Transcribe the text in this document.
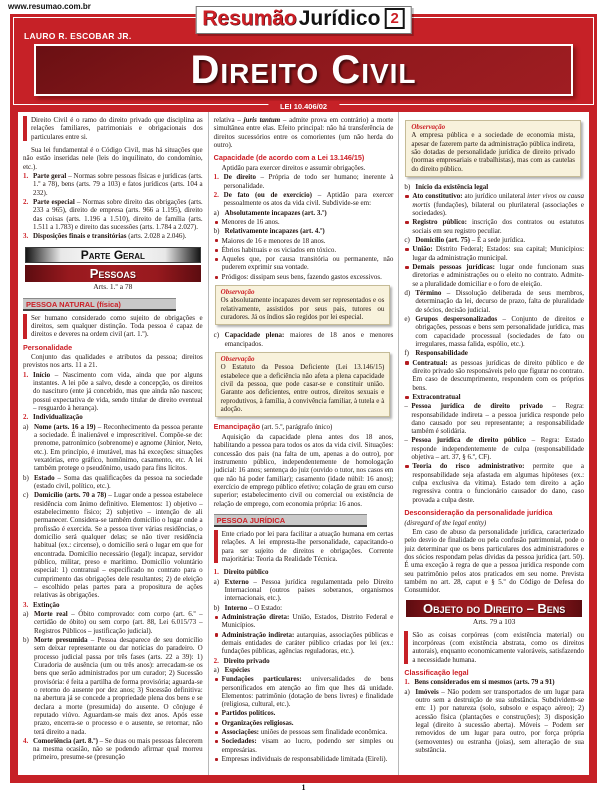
www.resumao.com.br
ResumãoJurídico 2
LAURO R. ESCOBAR JR.
Direito Civil
LEI 10.406/02

Direito Civil é o ramo do direito privado que disciplina as relações familiares, patrimoniais e obrigacionais dos particulares entre si.

Sua lei fundamental é o Código Civil, mas há situações que não estão inseridas nele (leis do inquilinato, do condomínio, etc.).

1. Parte geral – Normas sobre pessoas físicas e jurídicas (arts. 1.º a 78), bens (arts. 79 a 103) e fatos jurídicos (arts. 104 a 232).

2. Parte especial – Normas sobre direito das obrigações (arts. 233 a 965), direito de empresa (arts. 966 a 1.195), direito das coisas (arts. 1.196 a 1.510), direito de família (arts. 1.511 a 1.783) e direito das sucessões (arts. 1.784 a 2.027).

3. Disposições finais e transitórias (arts. 2.028 a 2.046).

Parte Geral
Pessoas
Arts. 1.º a 78
PESSOA NATURAL (física)

Ser humano considerado como sujeito de obrigações e direitos, sem qualquer distinção. Toda pessoa é capaz de direitos e deveres na ordem civil (art. 1.º).

Personalidade

Conjunto das qualidades e atributos da pessoa; direitos previstos nos arts. 11 a 21.

1. Início – Nascimento com vida, ainda que por alguns instantes. A lei põe a salvo, desde a concepção, os direitos do nascituro (ente já concebido, mas que ainda não nasceu; possui expectativa de vida, sendo titular de direito eventual – resguardo à herança).

2. Individualização

a) Nome (arts. 16 a 19) – Reconhecimento da pessoa perante a sociedade. É inalienável e imprescritível. Compõe-se de: prenome, patronímico (sobrenome) e agnome (Júnior, Neto, etc.). Em princípio, é imutável, mas há exceções: situações vexatórias, erro gráfico, homônimo, casamento, etc. A lei também protege o pseudônimo, usado para fins lícitos.

b) Estado – Soma das qualificações da pessoa na sociedade (estado civil, político, etc.).

c) Domicílio (arts. 70 a 78) – Lugar onde a pessoa estabelece residência com ânimo definitivo. Elementos: 1) objetivo – estabelecimento físico; 2) subjetivo – intenção de ali permanecer. Considera-se também domicílio o lugar onde a profissão é exercida. Se a pessoa tiver várias residências, o domicílio será qualquer delas; se não tiver residência habitual (ex.: circense), o domicílio será o lugar em que for encontrada. Domicílio necessário (legal): incapaz, servidor público, militar, preso e marítimo. Domicílio voluntário especial: 1) contratual – especificado no contrato para o cumprimento das obrigações dele resultantes; 2) de eleição – escolhido pelas partes para a propositura de ações relativas às obrigações.

3. Extinção

a) Morte real – Óbito comprovado: com corpo (art. 6.º – certidão de óbito) ou sem corpo (art. 88, Lei 6.015/73 – Registros Públicos – justificação judicial).

b) Morte presumida – Pessoa desaparece de seu domicílio sem deixar representante ou dar notícias do paradeiro. O processo judicial passa por três fases (arts. 22 a 39): 1) Curadoria de ausência (um ou três anos): arrecadam-se os bens que serão administrados por um curador; 2) Sucessão provisória: é feita a partilha de forma provisória; aguarda-se o retorno do ausente por dez anos; 3) Sucessão definitiva: na abertura já se concede a propriedade plena dos bens e se declara a morte (presumida) do ausente. O cônjuge é reputado viúvo. Aguardam-se mais dez anos. Após esse prazo, encerra-se o processo e o ausente, se retornar, não terá direito a nada.

4. Comoriência (art. 8.º) – Se duas ou mais pessoas falecerem na mesma ocasião, não se podendo afirmar qual morreu primeiro, presume-se (presunção

relativa – juris tantum – admite prova em contrário) a morte simultânea entre elas. Efeito principal: não há transferência de direitos sucessórios entre os comorientes (um não herda do outro).

Capacidade (de acordo com a Lei 13.146/15)

Aptidão para exercer direitos e assumir obrigações.

1. De direito – Própria de todo ser humano; inerente à personalidade.

2. De fato (ou de exercício) – Aptidão para exercer pessoalmente os atos da vida civil. Subdivide-se em:

a) Absolutamente incapazes (art. 3.º)

Menores de 16 anos.

b) Relativamente incapazes (art. 4.º)

Maiores de 16 e menores de 18 anos.

Ébrios habituais e os viciados em tóxico.

Aqueles que, por causa transitória ou permanente, não puderem exprimir sua vontade.

Pródigos: dissipam seus bens, fazendo gastos excessivos.

Observação
Os absolutamente incapazes devem ser representados e os relativamente, assistidos por seus pais, tutores ou curadores. Já os índios são regidos por lei especial.

c) Capacidade plena: maiores de 18 anos e menores emancipados.

Observação
O Estatuto da Pessoa Deficiente (Lei 13.146/15) estabelece que a deficiência não afeta a plena capacidade civil da pessoa, que pode casar-se e constituir união. Garante aos deficientes, entre outros, direitos sexuais e reprodutivos, à família, à convivência familiar, à tutela e à adoção.

Emancipação (art. 5.º, parágrafo único)

Aquisição da capacidade plena antes dos 18 anos, habilitando a pessoa para todos os atos da vida civil. Situações: concessão dos pais (na falta de um, apenas a do outro), por instrumento público, independentemente de homologação judicial: 16 anos; sentença do juiz (ouvido o tutor, nos casos em que não há poder familiar); casamento (idade núbil: 16 anos); exercício de emprego público efetivo; colação de grau em curso superior; estabelecimento civil ou comercial ou existência de relação de emprego, com economia própria: 16 anos.

PESSOA JURÍDICA

Ente criado por lei para facilitar a atuação humana em certas relações. A lei empresta-lhe personalidade, capacitando-o para ser sujeito de direitos e obrigações. Corrente majoritária: Teoria da Realidade Técnica.

1. Direito público

a) Externo – Pessoa jurídica regulamentada pelo Direito Internacional (outros países soberanos, organismos internacionais, etc.).

b) Interno – O Estado:

Administração direta: União, Estados, Distrito Federal e Municípios.

Administração indireta: autarquias, associações públicas e demais entidades de caráter público criadas por lei (ex.: fundações públicas, agências reguladoras, etc.).

2. Direito privado

a) Espécies

Fundações particulares: universalidades de bens personificados em atenção ao fim que lhes dá unidade. Elementos: patrimônio (dotação de bens livres) e finalidade (religiosa, cultural, etc.).

Partidos políticos.

Organizações religiosas.

Associações: uniões de pessoas sem finalidade econômica.

Sociedades: visam ao lucro, podendo ser simples ou empresárias.

Empresas individuais de responsabilidade limitada (Eireli).

Observação
A empresa pública e a sociedade de economia mista, apesar de fazerem parte da administração pública indireta, são dotadas de personalidade jurídica de direito privado (normas empresariais e trabalhistas), mas com as cautelas do direito público.

b) Início da existência legal

Ato constitutivo: ato jurídico unilateral inter vivos ou causa mortis (fundações), bilateral ou plurilateral (associações e sociedades).

Registro público: inscrição dos contratos ou estatutos sociais em seu registro peculiar.

c) Domicílio (art. 75) – É a sede jurídica.

União: Distrito Federal; Estados: sua capital; Municípios: lugar da administração municipal.

Demais pessoas jurídicas: lugar onde funcionam suas diretorias e administrações ou o eleito no contrato. Admite-se a pluralidade domiciliar e o foro de eleição.

d) Término – Dissolução deliberada de seus membros, determinação da lei, decurso de prazo, falta de pluralidade de sócios, decisão judicial.

e) Grupos despersonalizados – Conjunto de direitos e obrigações, pessoas e bens sem personalidade jurídica, mas com capacidade processual (sociedades de fato ou irregulares, massa falida, espólio, etc.).

f) Responsabilidade

Contratual: as pessoas jurídicas de direito público e de direito privado são responsáveis pelo que figurar no contrato. Em caso de descumprimento, respondem com os próprios bens.

Extracontratual

– Pessoa jurídica de direito privado – Regra: responsabilidade indireta – a pessoa jurídica responde pelo dano causado por seu representante; a responsabilidade também é solidária.

– Pessoa jurídica de direito público – Regra: Estado responde independentemente de culpa (responsabilidade objetiva – art. 37, § 6.º, CF).

Teoria do risco administrativo: permite que a responsabilidade seja afastada em algumas hipóteses (ex.: culpa exclusiva da vítima). Estado tem direito a ação regressiva contra o funcionário causador do dano, caso provada a culpa deste.

Desconsideração da personalidade jurídica

(disregard of the legal entity)

Em caso de abuso da personalidade jurídica, caracterizado pelo desvio de finalidade ou pela confusão patrimonial, pode o juiz determinar que os bens particulares dos administradores e dos sócios respondam pelas dívidas da pessoa jurídica (art. 50). É uma exceção à regra de que a pessoa jurídica responde com seu patrimônio pelos atos praticados em seu nome. Prevista também no art. 28, caput e § 5.º do Código de Defesa do Consumidor.

Objeto do Direito – Bens
Arts. 79 a 103

São as coisas corpóreas (com existência material) ou incorpóreas (com existência abstrata, como os direitos autorais), enquanto economicamente valoráveis, satisfazendo a necessidade humana.

Classificação legal

1. Bens considerados em si mesmos (arts. 79 a 91)

a) Imóveis – Não podem ser transportados de um lugar para outro sem a destruição de sua substância. Subdividem-se em: 1) por natureza (solo, subsolo e espaço aéreo); 2) acessão física (plantações e construções); 3) disposição legal (direito à sucessão aberta). Móveis – Podem ser removidos de um lugar para outro, por força própria (semoventes) ou estranha (joias), sem alteração de sua substância.

1
